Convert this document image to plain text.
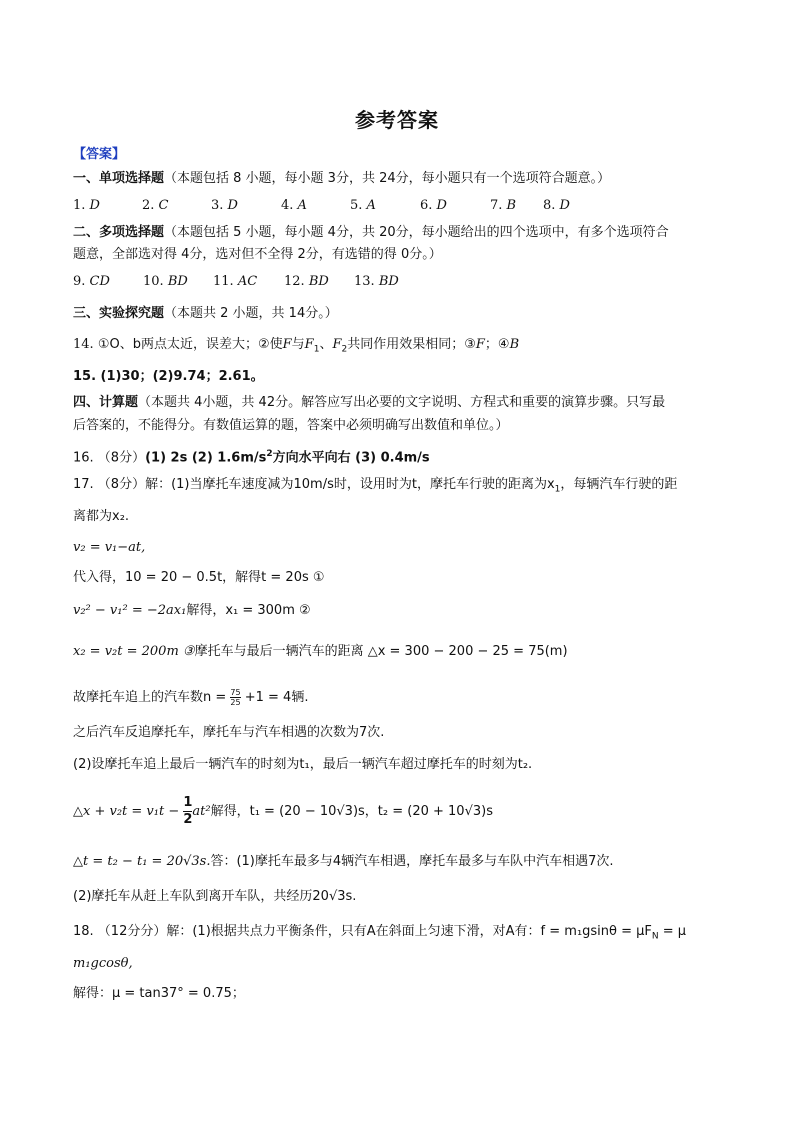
参考答案
【答案】
一、单项选择题（本题包括 8 小题，每小题 3分，共 24分，每小题只有一个选项符合题意。）
1. D	2. C	3. D	4. A	5. A	6. D	7. B 8. D
二、多项选择题（本题包括 5 小题，每小题 4分，共 20分，每小题给出的四个选项中，有多个选项符合
题意，全部选对得 4分，选对但不全得 2分，有选错的得 0分。）
9. CD	10. BD 11. AC 12. BD 13. BD
三、实验探究题（本题共 2 小题，共 14分。）
14. ①O、b两点太近，误差大；②使F与$F_1$、$F_2$共同作用效果相同；③F；④B
15. (1)30；(2)9.74；2.61。
四、计算题（本题共 4小题，共 42分。解答应写出必要的文字说明、方程式和重要的演算步骤。只写最
后答案的，不能得分。有数值运算的题，答案中必须明确写出数值和单位。）
16. （8分）(1) 2s (2) $1.6m/s^2$方向水平向右 (3) 0.4m/s
17. （8分）解：(1)当摩托车速度减为10m/s时，设用时为t，摩托车行驶的距离为$x_1$，每辆汽车行驶的距
离都为x₂.
v₂ = v₁−at,
代入得，10 = 20 − 0.5t，解得t = 20s ①
v₂² − v₁² = −2ax₁解得，x₁ = 300m ②
x₂ = v₂t = 200m ③摩托车与最后一辆汽车的距离 △x = 300 − 200 − 25 = 75(m)
故摩托车追上的汽车数$n = \frac{75}{25} +1 = 4$辆.
之后汽车反追摩托车，摩托车与汽车相遇的次数为7次.
(2)设摩托车追上最后一辆汽车的时刻为t₁，最后一辆汽车超过摩托车的时刻为t₂.
△x + $v_2t = v_1t - \frac{1}{2} at^2$解得，t₁ = (20 − 10√3)s，t₂ = (20 + 10√3)s
△t = t₂ − t₁ = 20√3s.答：(1)摩托车最多与4辆汽车相遇，摩托车最多与车队中汽车相遇7次.
(2)摩托车从赶上车队到离开车队，共经历20√3s.
18. （12分分）解：(1)根据共点力平衡条件，只有A在斜面上匀速下滑，对A有：$f = m_1gsin\theta = \mu F_N = \mu$
m₁gcosθ,
解得：μ = tan37° = 0.75；
